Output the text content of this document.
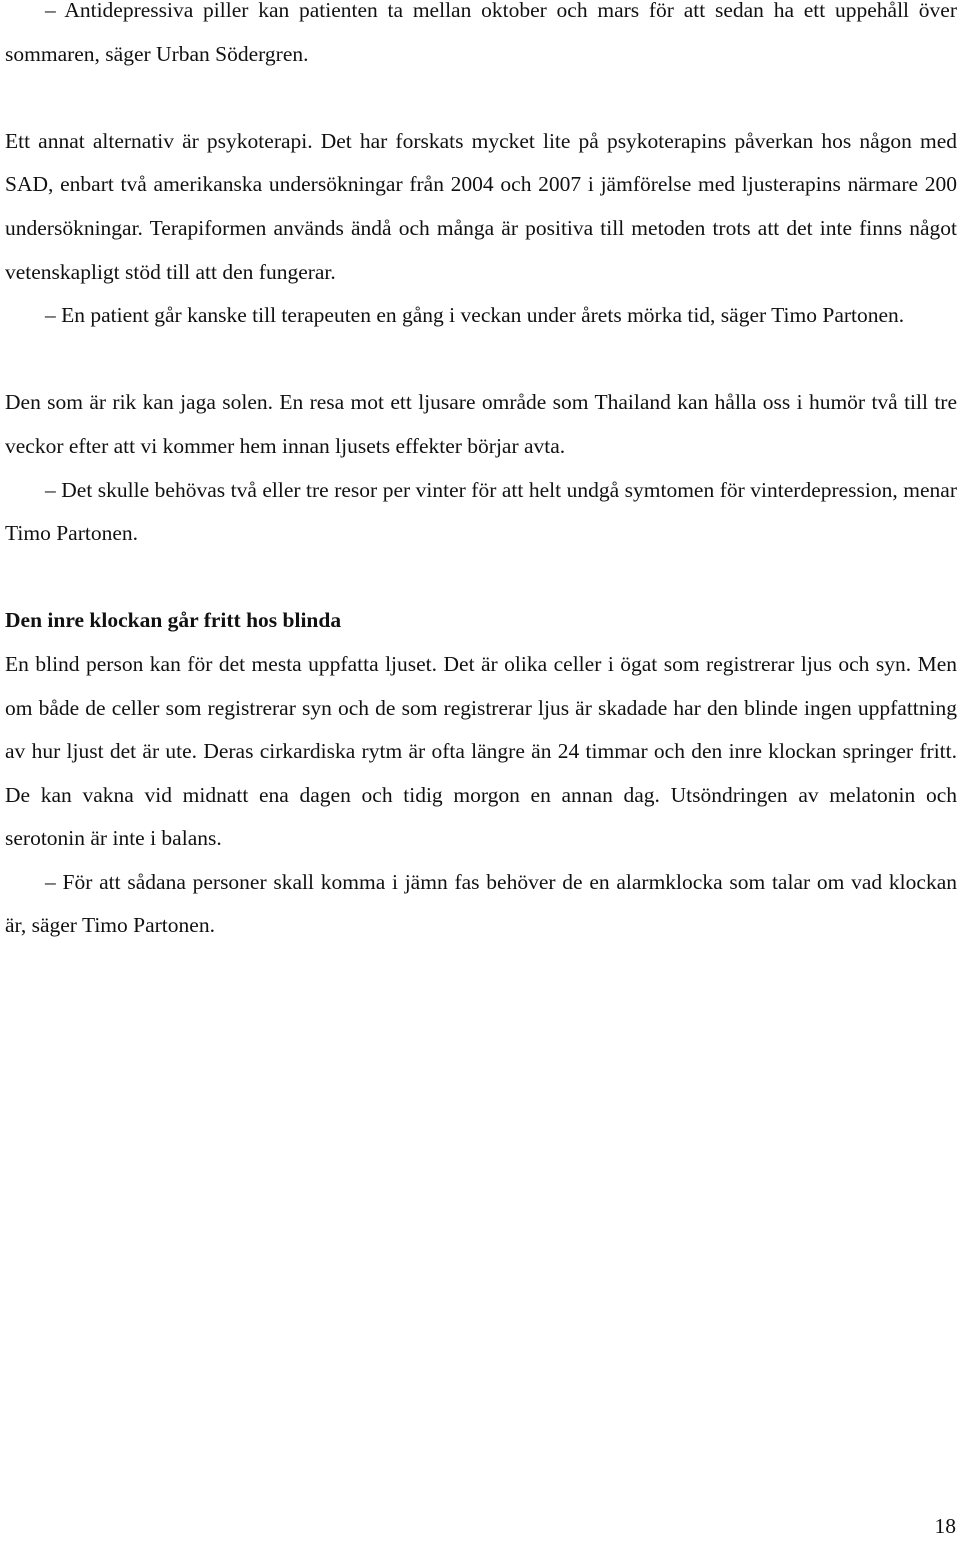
– Antidepressiva piller kan patienten ta mellan oktober och mars för att sedan ha ett uppehåll över sommaren, säger Urban Södergren.

Ett annat alternativ är psykoterapi. Det har forskats mycket lite på psykoterapins påverkan hos någon med SAD, enbart två amerikanska undersökningar från 2004 och 2007 i jämförelse med ljusterapins närmare 200 undersökningar. Terapiformen används ändå och många är positiva till metoden trots att det inte finns något vetenskapligt stöd till att den fungerar.

– En patient går kanske till terapeuten en gång i veckan under årets mörka tid, säger Timo Partonen.

Den som är rik kan jaga solen. En resa mot ett ljusare område som Thailand kan hålla oss i humör två till tre veckor efter att vi kommer hem innan ljusets effekter börjar avta.

– Det skulle behövas två eller tre resor per vinter för att helt undgå symtomen för vinterdepression, menar Timo Partonen.

Den inre klockan går fritt hos blinda

En blind person kan för det mesta uppfatta ljuset. Det är olika celler i ögat som registrerar ljus och syn. Men om både de celler som registrerar syn och de som registrerar ljus är skadade har den blinde ingen uppfattning av hur ljust det är ute. Deras cirkardiska rytm är ofta längre än 24 timmar och den inre klockan springer fritt. De kan vakna vid midnatt ena dagen och tidig morgon en annan dag. Utsöndringen av melatonin och serotonin är inte i balans.

– För att sådana personer skall komma i jämn fas behöver de en alarmklocka som talar om vad klockan är, säger Timo Partonen.

18
